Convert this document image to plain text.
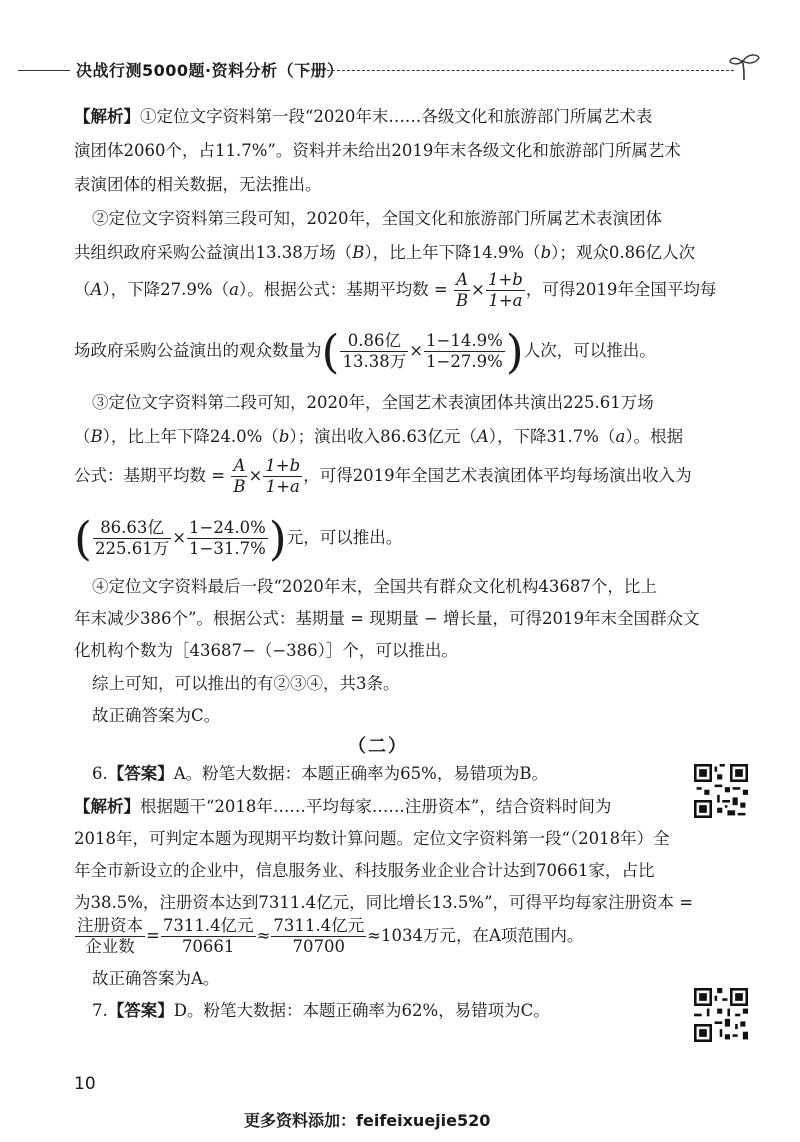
决战行测5000题·资料分析（下册）
【解析】①定位文字资料第一段“2020年末……各级文化和旅游部门所属艺术表
演团体2060个，占11.7%”。资料并未给出2019年末各级文化和旅游部门所属艺术
表演团体的相关数据，无法推出。
②定位文字资料第三段可知，2020年，全国文化和旅游部门所属艺术表演团体
共组织政府采购公益演出13.38万场（B），比上年下降14.9%（b）；观众0.86亿人次
（A），下降27.9%（a）。根据公式：基期平均数 = $\frac{A}{B} \times \frac{1+b}{1+a}$ ，可得2019年全国平均每
场政府采购公益演出的观众数量为( $\frac{\text{0.86亿}}{\text{13.38万}} \times \frac{1-14.9\%}{1-27.9\%}$ )人次，可以推出。
③定位文字资料第二段可知，2020年，全国艺术表演团体共演出225.61万场
（B），比上年下降24.0%（b）；演出收入86.63亿元（A），下降31.7%（a）。根据
公式：基期平均数 = $\frac{A}{B} \times \frac{1+b}{1+a}$ ，可得2019年全国艺术表演团体平均每场演出收入为
( $\frac{\text{86.63亿}}{\text{225.61万}} \times \frac{1-24.0\%}{1-31.7\%}$ )元，可以推出。
④定位文字资料最后一段“2020年末，全国共有群众文化机构43687个，比上
年末减少386个”。根据公式：基期量 = 现期量 − 增长量，可得2019年末全国群众文
化机构个数为［43687−（−386）］个，可以推出。
综上可知，可以推出的有②③④，共3条。
故正确答案为C。
（二）
6.【答案】A。粉笔大数据：本题正确率为65%，易错项为B。
【解析】根据题干“2018年……平均每家……注册资本”，结合资料时间为
2018年，可判定本题为现期平均数计算问题。定位文字资料第一段“（2018年）全
年全市新设立的企业中，信息服务业、科技服务业企业合计达到70661家，占比
为38.5%，注册资本达到7311.4亿元，同比增长13.5%”，可得平均每家注册资本 =
$\frac{\text{注册资本}}{\text{企业数}} = \frac{\text{7311.4亿元}}{70661} \approx \frac{\text{7311.4亿元}}{70700} \approx 1034$万元，在A项范围内。
故正确答案为A。
7.【答案】D。粉笔大数据：本题正确率为62%，易错项为C。
10
更多资料添加：feifeixuejie520
